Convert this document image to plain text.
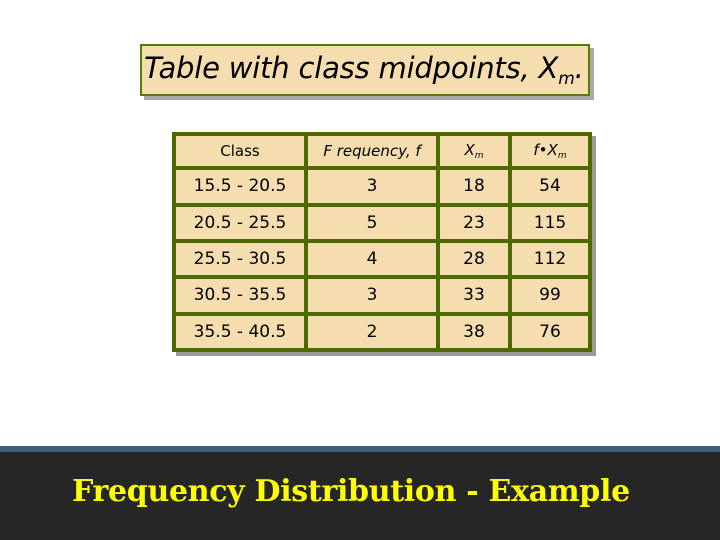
Table with class midpoints, $X_m$.
Class	F requency, f	$X_m$	$f•X_m$
15.5 - 20.5	3	18	54
20.5 - 25.5	5	23	115
25.5 - 30.5	4	28	112
30.5 - 35.5	3	33	99
35.5 - 40.5	2	38	76
Frequency Distribution - Example
